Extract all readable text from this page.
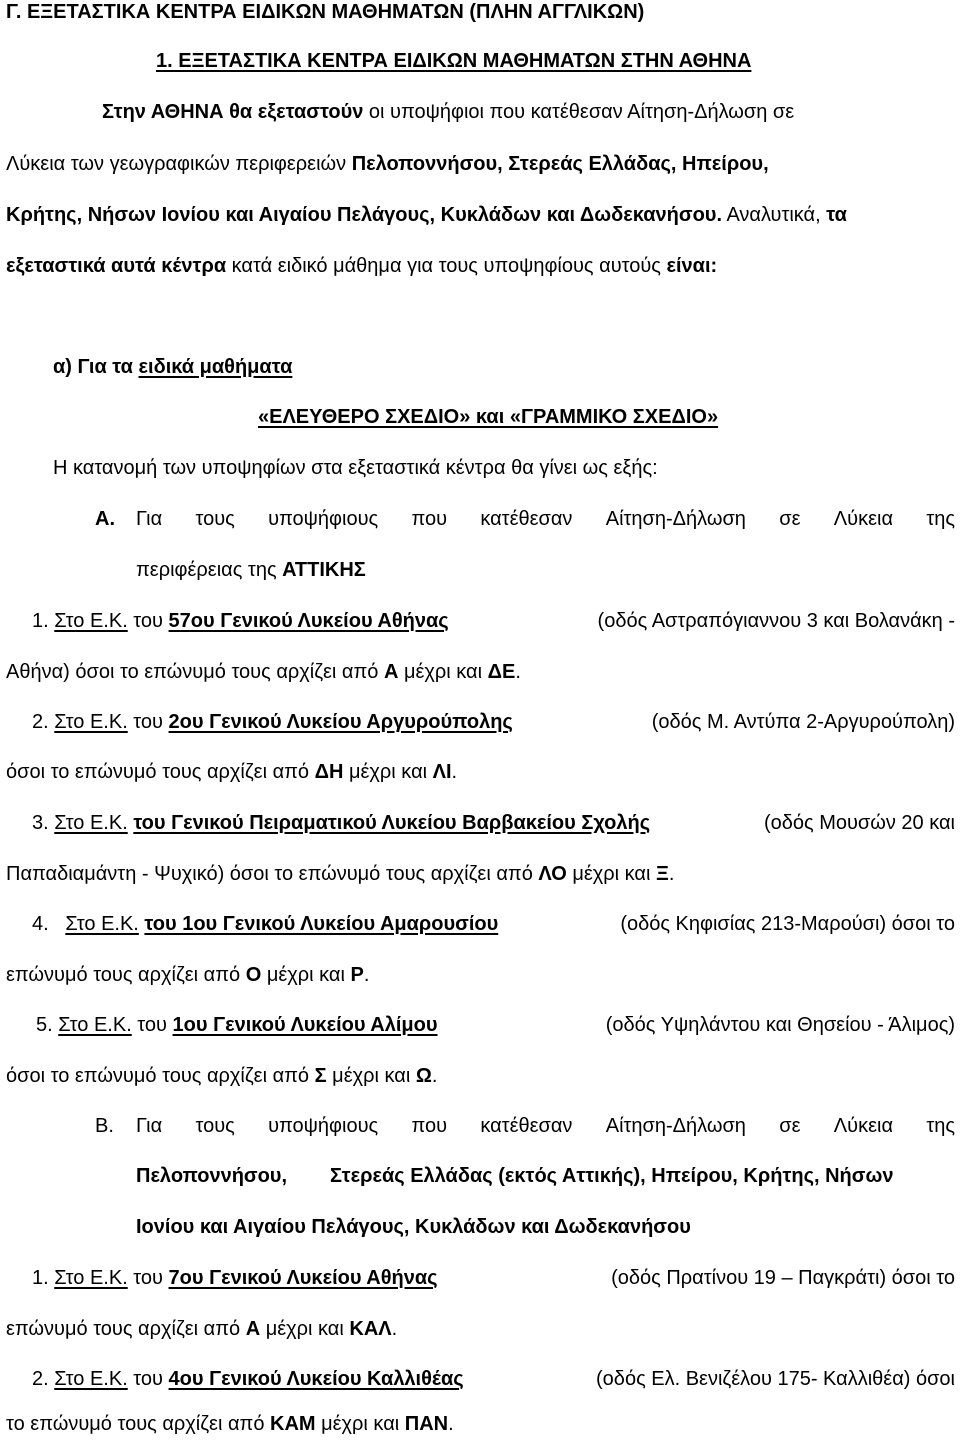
Γ. ΕΞΕΤΑΣΤΙΚΑ ΚΕΝΤΡΑ ΕΙΔΙΚΩΝ ΜΑΘΗΜΑΤΩΝ (ΠΛΗΝ ΑΓΓΛΙΚΩΝ)
1. ΕΞΕΤΑΣΤΙΚΑ ΚΕΝΤΡΑ ΕΙΔΙΚΩΝ ΜΑΘΗΜΑΤΩΝ ΣΤΗΝ ΑΘΗΝΑ
Στην ΑΘΗΝΑ θα εξεταστούν οι υποψήφιοι που κατέθεσαν Αίτηση-Δήλωση σε
Λύκεια των γεωγραφικών περιφερειών Πελοποννήσου, Στερεάς Ελλάδας, Ηπείρου,
Κρήτης, Νήσων Ιονίου και Αιγαίου Πελάγους, Κυκλάδων και Δωδεκανήσου. Αναλυτικά, τα
εξεταστικά αυτά κέντρα κατά ειδικό μάθημα για τους υποψηφίους αυτούς είναι:
α) Για τα ειδικά μαθήματα
«ΕΛΕΥΘΕΡΟ ΣΧΕΔΙΟ» και «ΓΡΑΜΜΙΚΟ ΣΧΕΔΙΟ»
Η κατανομή των υποψηφίων στα εξεταστικά κέντρα θα γίνει ως εξής:
Α. Για τους υποψήφιους που κατέθεσαν Αίτηση-Δήλωση σε Λύκεια της
περιφέρειας της ΑΤΤΙΚΗΣ
1. Στο Ε.Κ. του 57ου Γενικού Λυκείου Αθήνας	(οδός Αστραπόγιαννου 3 και Βολανάκη -
Αθήνα) όσοι το επώνυμό τους αρχίζει από Α μέχρι και ΔΕ.
2. Στο Ε.Κ. του 2ου Γενικού Λυκείου Αργυρούπολης	(οδός Μ. Αντύπα 2-Αργυρούπολη)
όσοι το επώνυμό τους αρχίζει από ΔΗ μέχρι και ΛΙ.
3. Στο Ε.Κ. του Γενικού Πειραματικού Λυκείου Βαρβακείου Σχολής	(οδός Μουσών 20 και
Παπαδιαμάντη - Ψυχικό) όσοι το επώνυμό τους αρχίζει από ΛΟ μέχρι και Ξ.
4. Στο Ε.Κ. του 1ου Γενικού Λυκείου Αμαρουσίου	(οδός Κηφισίας 213-Μαρούσι) όσοι το
επώνυμό τους αρχίζει από Ο μέχρι και Ρ.
5. Στο Ε.Κ. του 1ου Γενικού Λυκείου Αλίμου	(οδός Υψηλάντου και Θησείου - Άλιμος)
όσοι το επώνυμό τους αρχίζει από Σ μέχρι και Ω.
Β. Για τους υποψήφιους που κατέθεσαν Αίτηση-Δήλωση σε Λύκεια της
Πελοποννήσου, Στερεάς Ελλάδας (εκτός Αττικής), Ηπείρου, Κρήτης, Νήσων
Ιονίου και Αιγαίου Πελάγους, Κυκλάδων και Δωδεκανήσου
1. Στο Ε.Κ. του 7ου Γενικού Λυκείου Αθήνας	(οδός Πρατίνου 19 – Παγκράτι) όσοι το
επώνυμό τους αρχίζει από Α μέχρι και ΚΑΛ.
2. Στο Ε.Κ. του 4ου Γενικού Λυκείου Καλλιθέας	(οδός Ελ. Βενιζέλου 175- Καλλιθέα) όσοι
το επώνυμό τους αρχίζει από ΚΑΜ μέχρι και ΠΑΝ.
